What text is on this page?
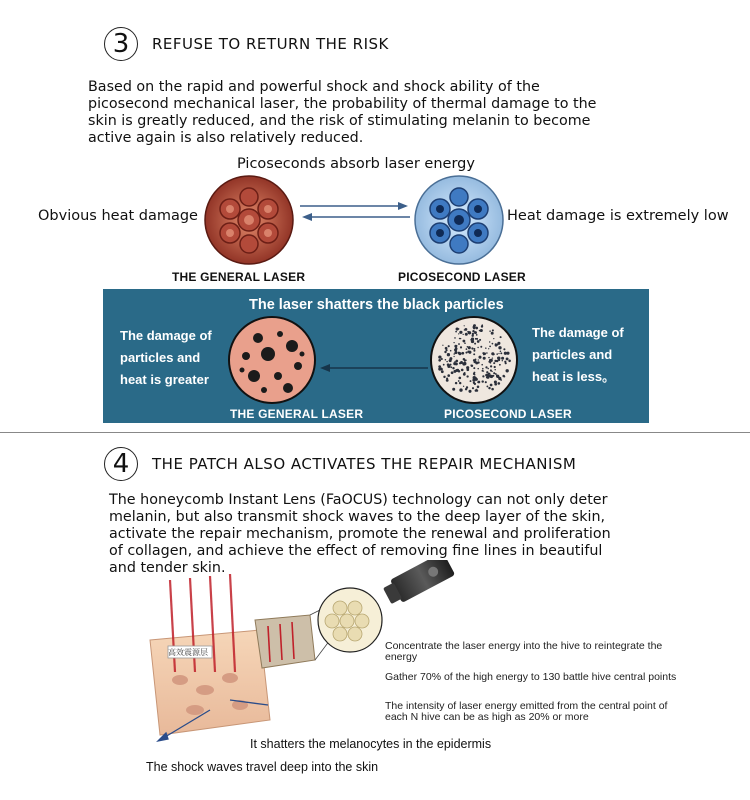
3 REFUSE TO RETURN THE RISK
Based on the rapid and powerful shock and shock ability of the picosecond mechanical laser, the probability of thermal damage to the skin is greatly reduced, and the risk of stimulating melanin to become active again is also relatively reduced.
Picoseconds absorb laser energy
Obvious heat damage	Heat damage is extremely low
THE GENERAL LASER	PICOSECOND LASER
The laser shatters the black particles
The damage of particles and heat is greater
The damage of particles and heat is less。
THE GENERAL LASER	PICOSECOND LASER
4 THE PATCH ALSO ACTIVATES THE REPAIR MECHANISM
The honeycomb Instant Lens (FaOCUS) technology can not only deter melanin, but also transmit shock waves to the deep layer of the skin, activate the repair mechanism, promote the renewal and proliferation of collagen, and achieve the effect of removing fine lines in beautiful and tender skin.
高效震源层
Concentrate the laser energy into the hive to reintegrate the energy
Gather 70% of the high energy to 130 battle hive central points
The intensity of laser energy emitted from the central point of each N hive can be as high as 20% or more
It shatters the melanocytes in the epidermis
The shock waves travel deep into the skin
